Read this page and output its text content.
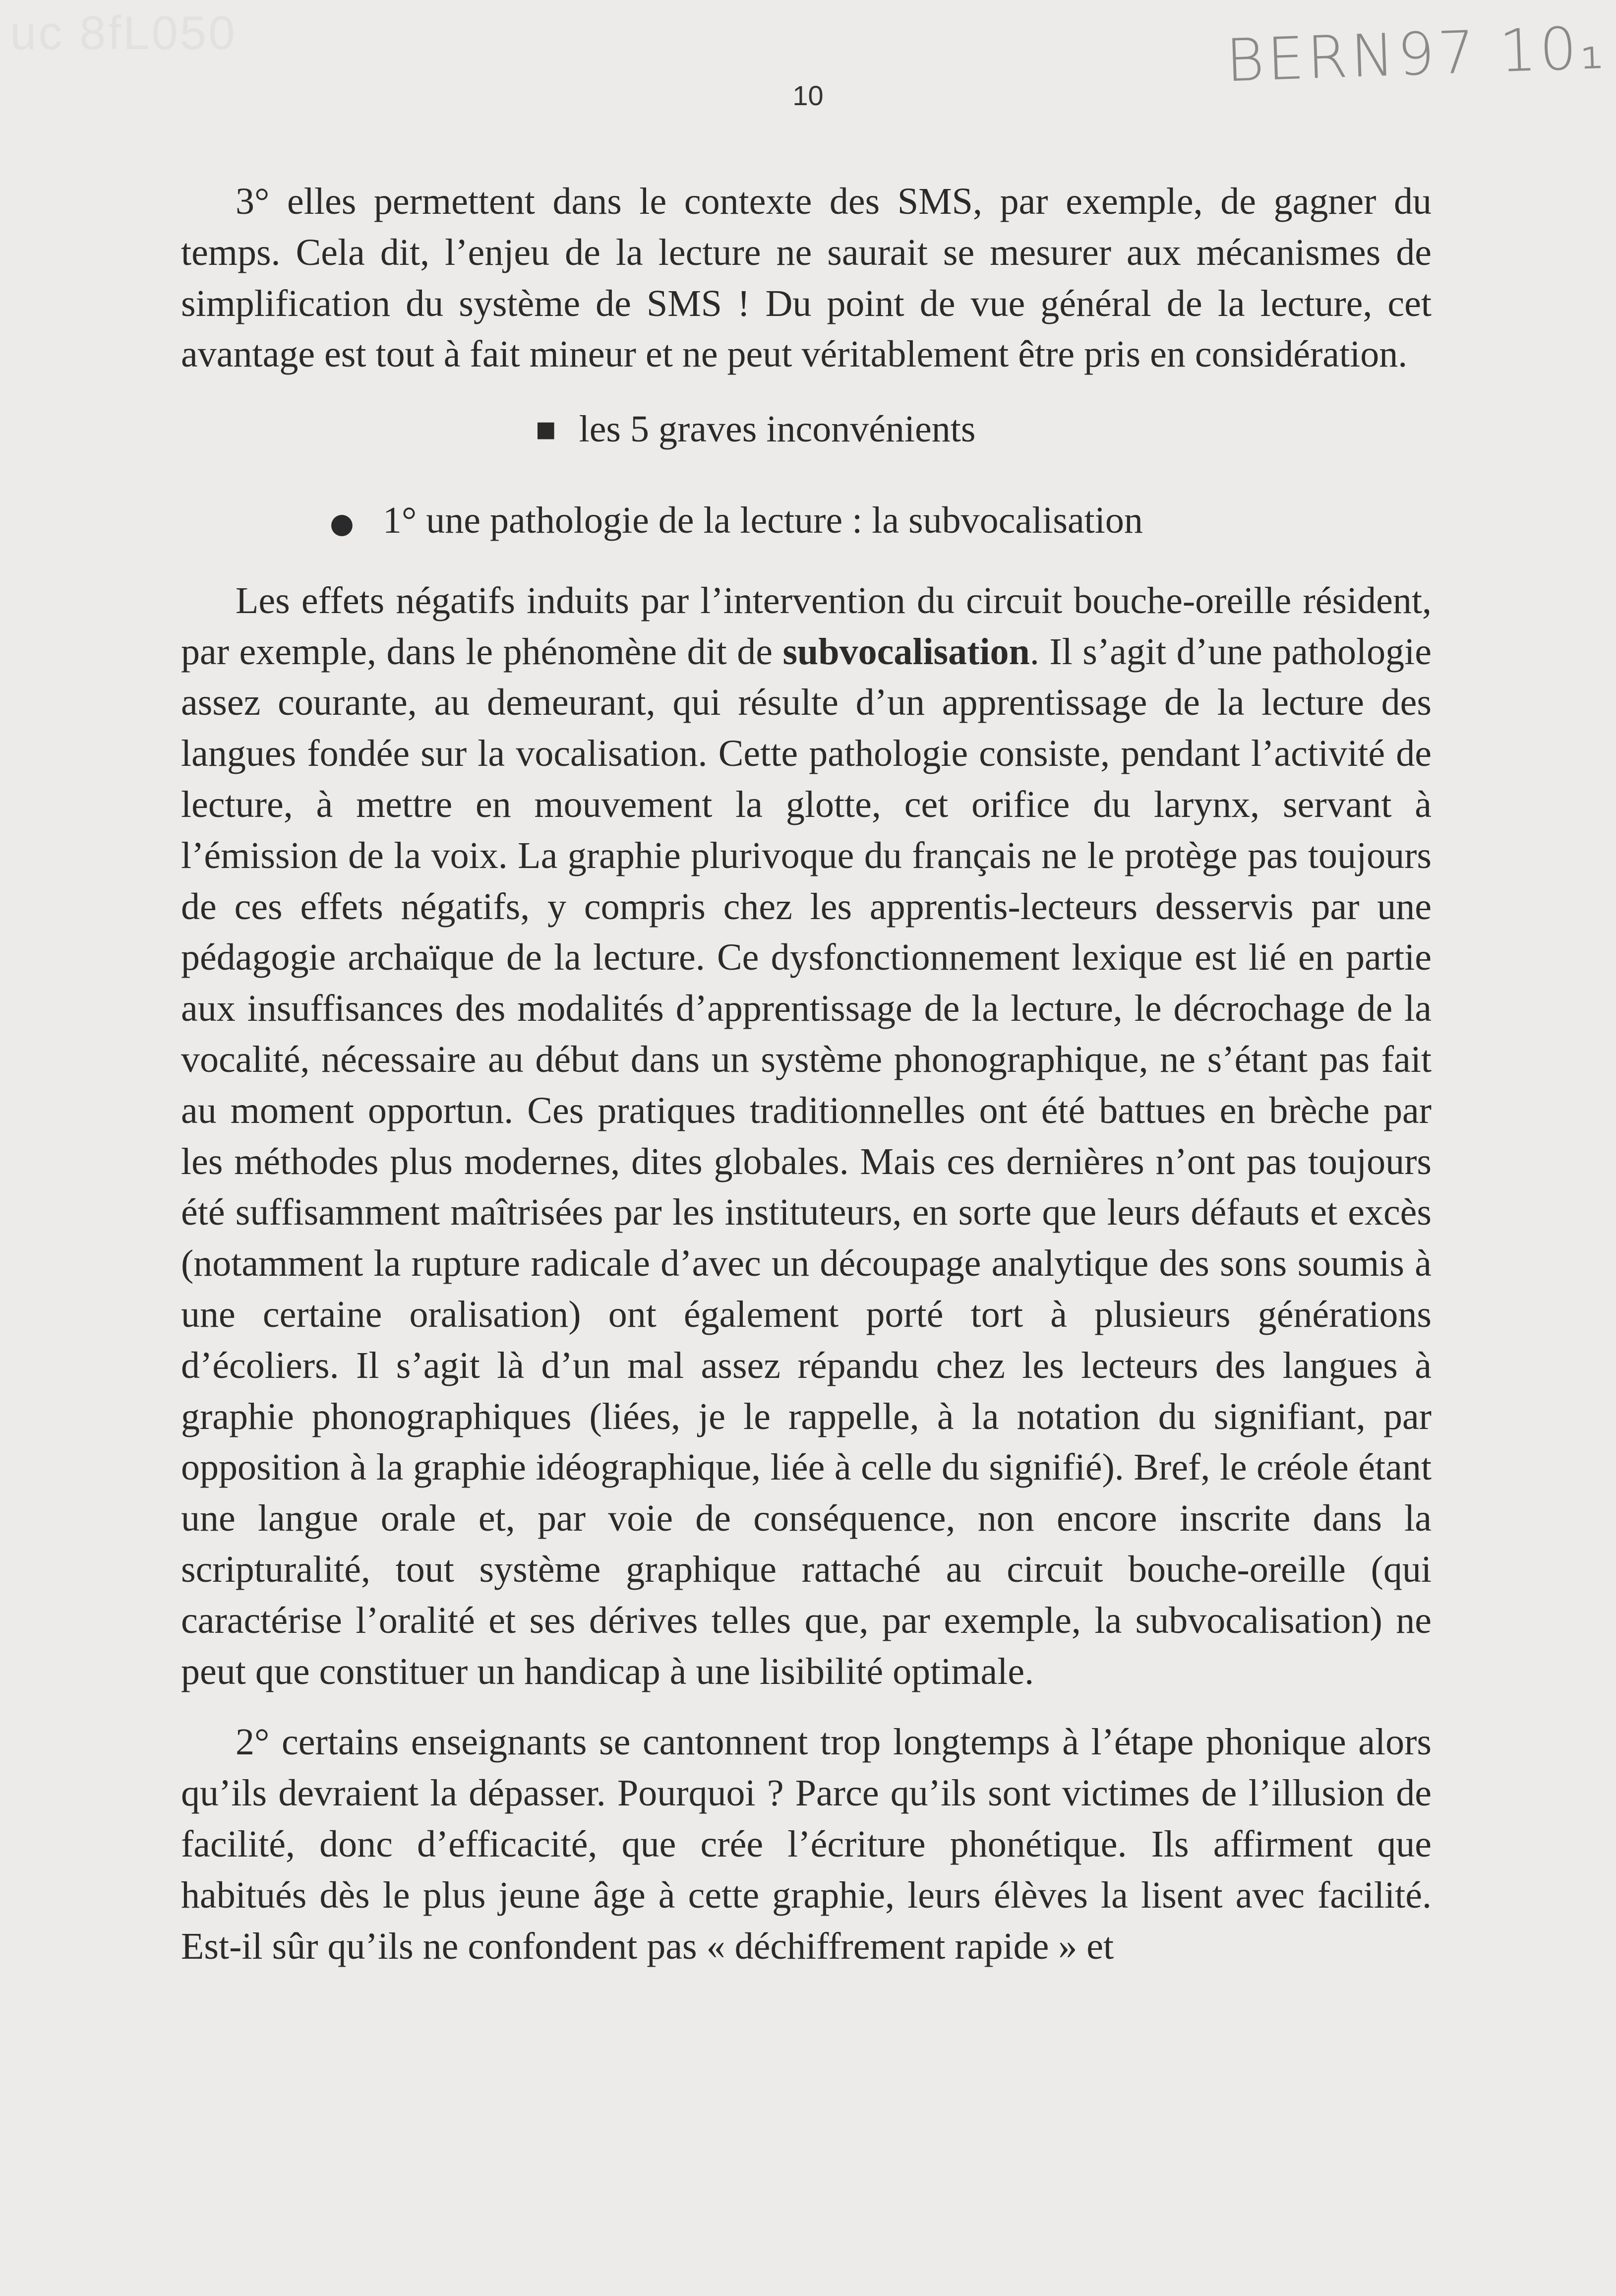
uc 8fL050	BERN97 10₁
10

3° elles permettent dans le contexte des SMS, par exemple, de gagner du temps. Cela dit, l’enjeu de la lecture ne saurait se mesurer aux mécanismes de simplification du système de SMS ! Du point de vue général de la lecture, cet avantage est tout à fait mineur et ne peut véritablement être pris en considération.

■ les 5 graves inconvénients

● 1° une pathologie de la lecture : la subvocalisation

Les effets négatifs induits par l’intervention du circuit bouche-oreille résident, par exemple, dans le phénomène dit de subvocalisation. Il s’agit d’une pathologie assez courante, au demeurant, qui résulte d’un apprentissage de la lecture des langues fondée sur la vocalisation. Cette pathologie consiste, pendant l’activité de lecture, à mettre en mouvement la glotte, cet orifice du larynx, servant à l’émission de la voix. La graphie plurivoque du français ne le protège pas toujours de ces effets négatifs, y compris chez les apprentis-lecteurs desservis par une pédagogie archaïque de la lecture. Ce dysfonctionnement lexique est lié en partie aux insuffisances des modalités d’apprentissage de la lecture, le décrochage de la vocalité, nécessaire au début dans un système phonographique, ne s’étant pas fait au moment opportun. Ces pratiques traditionnelles ont été battues en brèche par les méthodes plus modernes, dites globales. Mais ces dernières n’ont pas toujours été suffisamment maîtrisées par les instituteurs, en sorte que leurs défauts et excès (notamment la rupture radicale d’avec un découpage analytique des sons soumis à une certaine oralisation) ont également porté tort à plusieurs générations d’écoliers. Il s’agit là d’un mal assez répandu chez les lecteurs des langues à graphie phonographiques (liées, je le rappelle, à la notation du signifiant, par opposition à la graphie idéographique, liée à celle du signifié). Bref, le créole étant une langue orale et, par voie de conséquence, non encore inscrite dans la scripturalité, tout système graphique rattaché au circuit bouche-oreille (qui caractérise l’oralité et ses dérives telles que, par exemple, la subvocalisation) ne peut que constituer un handicap à une lisibilité optimale.

2° certains enseignants se cantonnent trop longtemps à l’étape phonique alors qu’ils devraient la dépasser. Pourquoi ? Parce qu’ils sont victimes de l’illusion de facilité, donc d’efficacité, que crée l’écriture phonétique. Ils affirment que habitués dès le plus jeune âge à cette graphie, leurs élèves la lisent avec facilité. Est-il sûr qu’ils ne confondent pas « déchiffrement rapide » et
